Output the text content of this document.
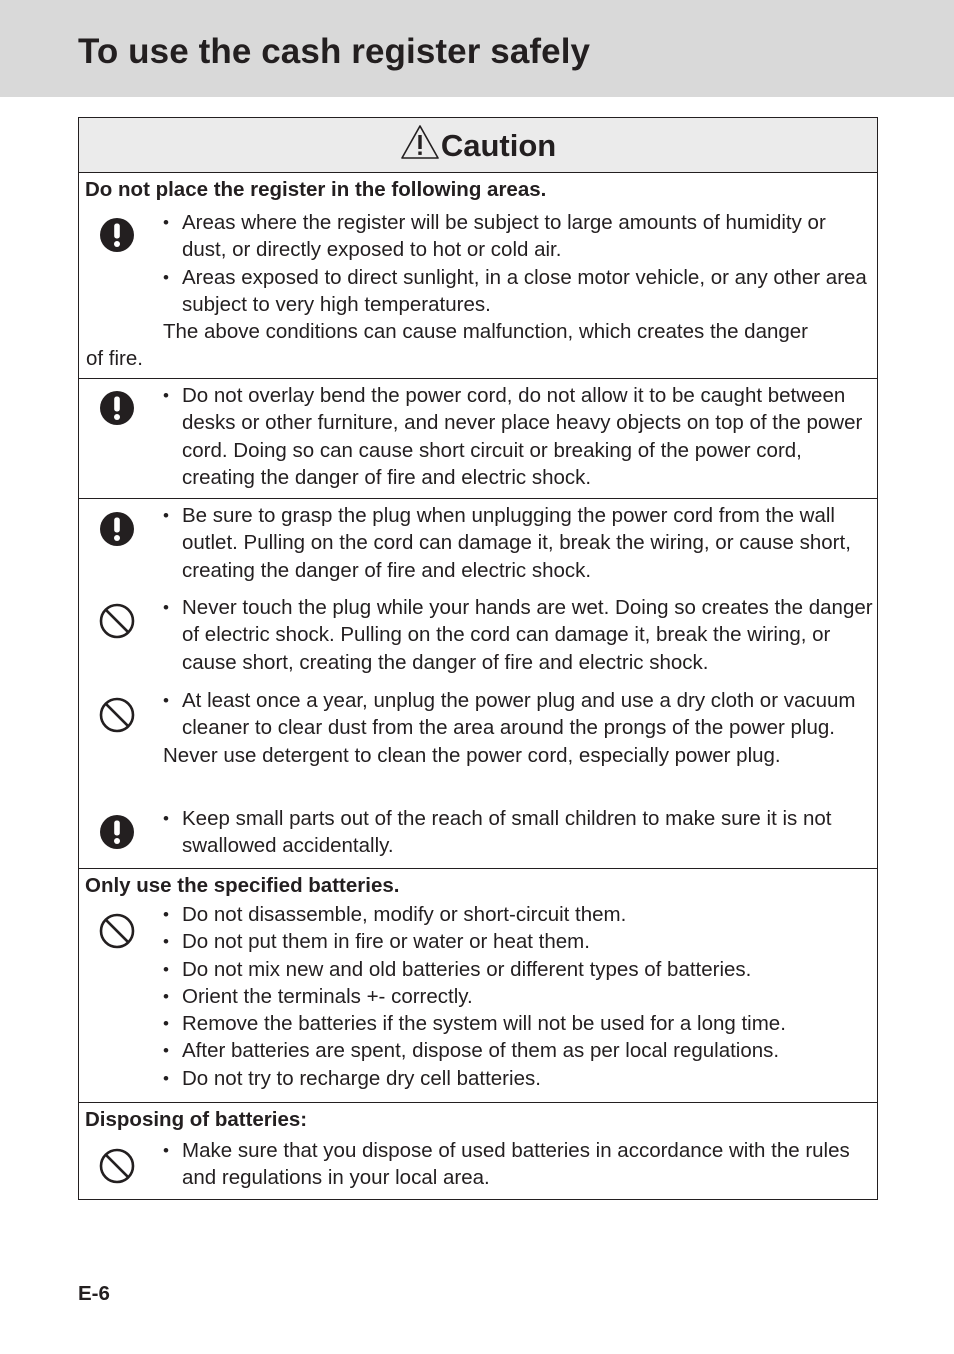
To use the cash register safely
Caution
Do not place the register in the following areas.
• Areas where the register will be subject to large amounts of humidity or dust, or directly exposed to hot or cold air.
• Areas exposed to direct sunlight, in a close motor vehicle, or any other area subject to very high temperatures.
The above conditions can cause malfunction, which creates the danger
of fire.
• Do not overlay bend the power cord, do not allow it to be caught between desks or other furniture, and never place heavy objects on top of the power cord. Doing so can cause short circuit or breaking of the power cord, creating the danger of fire and electric shock.
• Be sure to grasp the plug when unplugging the power cord from the wall outlet. Pulling on the cord can damage it, break the wiring, or cause short, creating the danger of fire and electric shock.
• Never touch the plug while your hands are wet. Doing so creates the danger of electric shock. Pulling on the cord can damage it, break the wiring, or cause short, creating the danger of fire and electric shock.
• At least once a year, unplug the power plug and use a dry cloth or vacuum cleaner to clear dust from the area around the prongs of the power plug.
Never use detergent to clean the power cord, especially power plug.
• Keep small parts out of the reach of small children to make sure it is not swallowed accidentally.
Only use the specified batteries.
• Do not disassemble, modify or short-circuit them.
• Do not put them in fire or water or heat them.
• Do not mix new and old batteries or different types of batteries.
• Orient the terminals +- correctly.
• Remove the batteries if the system will not be used for a long time.
• After batteries are spent, dispose of them as per local regulations.
• Do not try to recharge dry cell batteries.
Disposing of batteries:
• Make sure that you dispose of used batteries in accordance with the rules and regulations in your local area.
E-6
